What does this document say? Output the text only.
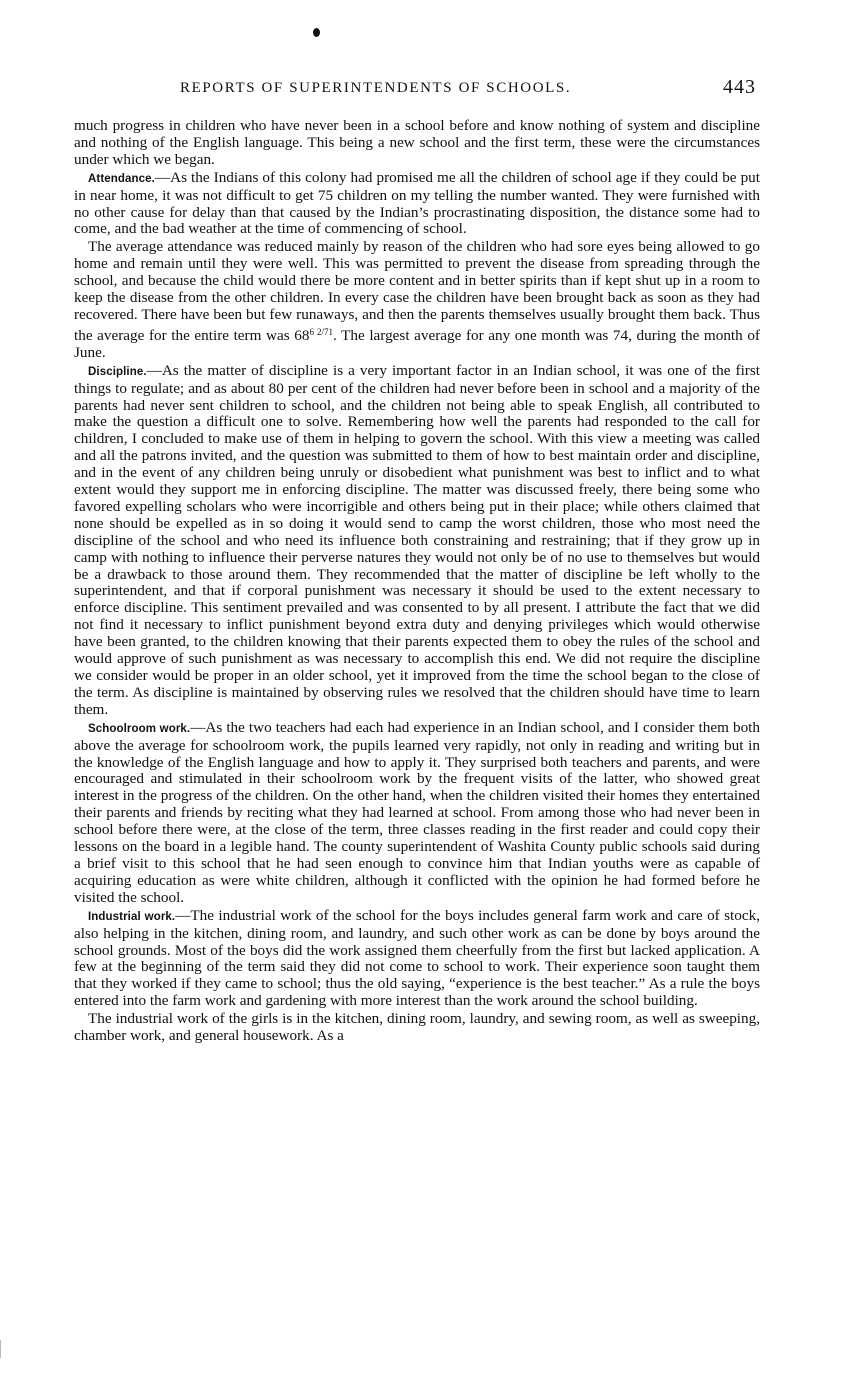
REPORTS OF SUPERINTENDENTS OF SCHOOLS.	443

much progress in children who have never been in a school before and know nothing of system and discipline and nothing of the English language. This being a new school and the first term, these were the circumstances under which we began.

Attendance.—As the Indians of this colony had promised me all the children of school age if they could be put in near home, it was not difficult to get 75 children on my telling the number wanted. They were furnished with no other cause for delay than that caused by the Indian’s procrastinating disposition, the distance some had to come, and the bad weather at the time of commencing of school.

The average attendance was reduced mainly by reason of the children who had sore eyes being allowed to go home and remain until they were well. This was permitted to prevent the disease from spreading through the school, and because the child would there be more content and in better spirits than if kept shut up in a room to keep the disease from the other children. In every case the children have been brought back as soon as they had recovered. There have been but few runaways, and then the parents themselves usually brought them back. Thus the average for the entire term was $68^{6 2/71}$. The largest average for any one month was 74, during the month of June.

Discipline.—As the matter of discipline is a very important factor in an Indian school, it was one of the first things to regulate; and as about 80 per cent of the children had never before been in school and a majority of the parents had never sent children to school, and the children not being able to speak English, all contributed to make the question a difficult one to solve. Remembering how well the parents had responded to the call for children, I concluded to make use of them in helping to govern the school. With this view a meeting was called and all the patrons invited, and the question was submitted to them of how to best maintain order and discipline, and in the event of any children being unruly or disobedient what punishment was best to inflict and to what extent would they support me in enforcing discipline. The matter was discussed freely, there being some who favored expelling scholars who were incorrigible and others being put in their place; while others claimed that none should be expelled as in so doing it would send to camp the worst children, those who most need the discipline of the school and who need its influence both constraining and restraining; that if they grow up in camp with nothing to influence their perverse natures they would not only be of no use to themselves but would be a drawback to those around them. They recommended that the matter of discipline be left wholly to the superintendent, and that if corporal punishment was necessary it should be used to the extent necessary to enforce discipline. This sentiment prevailed and was consented to by all present. I attribute the fact that we did not find it necessary to inflict punishment beyond extra duty and denying privileges which would otherwise have been granted, to the children knowing that their parents expected them to obey the rules of the school and would approve of such punishment as was necessary to accomplish this end. We did not require the discipline we consider would be proper in an older school, yet it improved from the time the school began to the close of the term. As discipline is maintained by observing rules we resolved that the children should have time to learn them.

Schoolroom work.—As the two teachers had each had experience in an Indian school, and I consider them both above the average for schoolroom work, the pupils learned very rapidly, not only in reading and writing but in the knowledge of the English language and how to apply it. They surprised both teachers and parents, and were encouraged and stimulated in their schoolroom work by the frequent visits of the latter, who showed great interest in the progress of the children. On the other hand, when the children visited their homes they entertained their parents and friends by reciting what they had learned at school. From among those who had never been in school before there were, at the close of the term, three classes reading in the first reader and could copy their lessons on the board in a legible hand. The county superintendent of Washita County public schools said during a brief visit to this school that he had seen enough to convince him that Indian youths were as capable of acquiring education as were white children, although it conflicted with the opinion he had formed before he visited the school.

Industrial work.—The industrial work of the school for the boys includes general farm work and care of stock, also helping in the kitchen, dining room, and laundry, and such other work as can be done by boys around the school grounds. Most of the boys did the work assigned them cheerfully from the first but lacked application. A few at the beginning of the term said they did not come to school to work. Their experience soon taught them that they worked if they came to school; thus the old saying, “experience is the best teacher.” As a rule the boys entered into the farm work and gardening with more interest than the work around the school building.

The industrial work of the girls is in the kitchen, dining room, laundry, and sewing room, as well as sweeping, chamber work, and general housework. As a
